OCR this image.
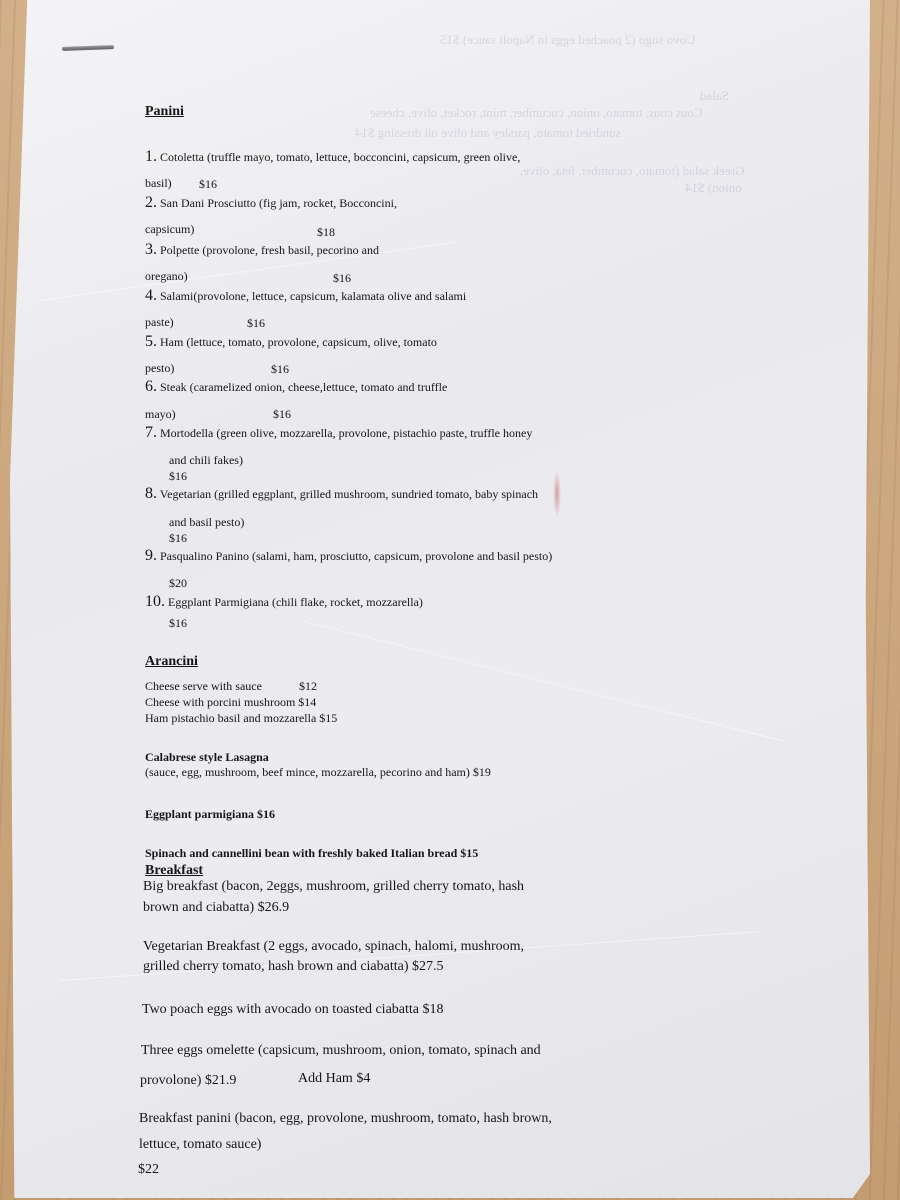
Uovo sugo (2 poached eggs in Napoli sauce) $15
Salad
Cous cous, tomato, onion, cucumber, mint, rocket, olive, cheese
sundried tomato, parsley and olive oil dressing $14
Greek salad (tomato, cucumber, feta, olive,
onion) $14
Panini
1. Cotoletta (truffle mayo, tomato, lettuce, bocconcini, capsicum, green olive,
basil) $16
2. San Dani Prosciutto (fig jam, rocket, Bocconcini,
capsicum)	$18
3. Polpette (provolone, fresh basil, pecorino and
oregano)	$16
4. Salami(provolone, lettuce, capsicum, kalamata olive and salami
paste)	$16
5. Ham (lettuce, tomato, provolone, capsicum, olive, tomato
pesto)	$16
6. Steak (caramelized onion, cheese,lettuce, tomato and truffle
mayo)	$16
7. Mortodella (green olive, mozzarella, provolone, pistachio paste, truffle honey
and chili fakes)
$16
8. Vegetarian (grilled eggplant, grilled mushroom, sundried tomato, baby spinach
and basil pesto)
$16
9. Pasqualino Panino (salami, ham, prosciutto, capsicum, provolone and basil pesto)
$20
10. Eggplant Parmigiana (chili flake, rocket, mozzarella)
$16
Arancini
Cheese serve with sauce	$12
Cheese with porcini mushroom $14
Ham pistachio basil and mozzarella $15
Calabrese style Lasagna
(sauce, egg, mushroom, beef mince, mozzarella, pecorino and ham) $19
Eggplant parmigiana $16
Spinach and cannellini bean with freshly baked Italian bread $15
Breakfast
Big breakfast (bacon, 2eggs, mushroom, grilled cherry tomato, hash
brown and ciabatta) $26.9
Vegetarian Breakfast (2 eggs, avocado, spinach, halomi, mushroom,
grilled cherry tomato, hash brown and ciabatta) $27.5
Two poach eggs with avocado on toasted ciabatta $18
Three eggs omelette (capsicum, mushroom, onion, tomato, spinach and
provolone) $21.9	Add Ham $4
Breakfast panini (bacon, egg, provolone, mushroom, tomato, hash brown,
lettuce, tomato sauce)
$22
